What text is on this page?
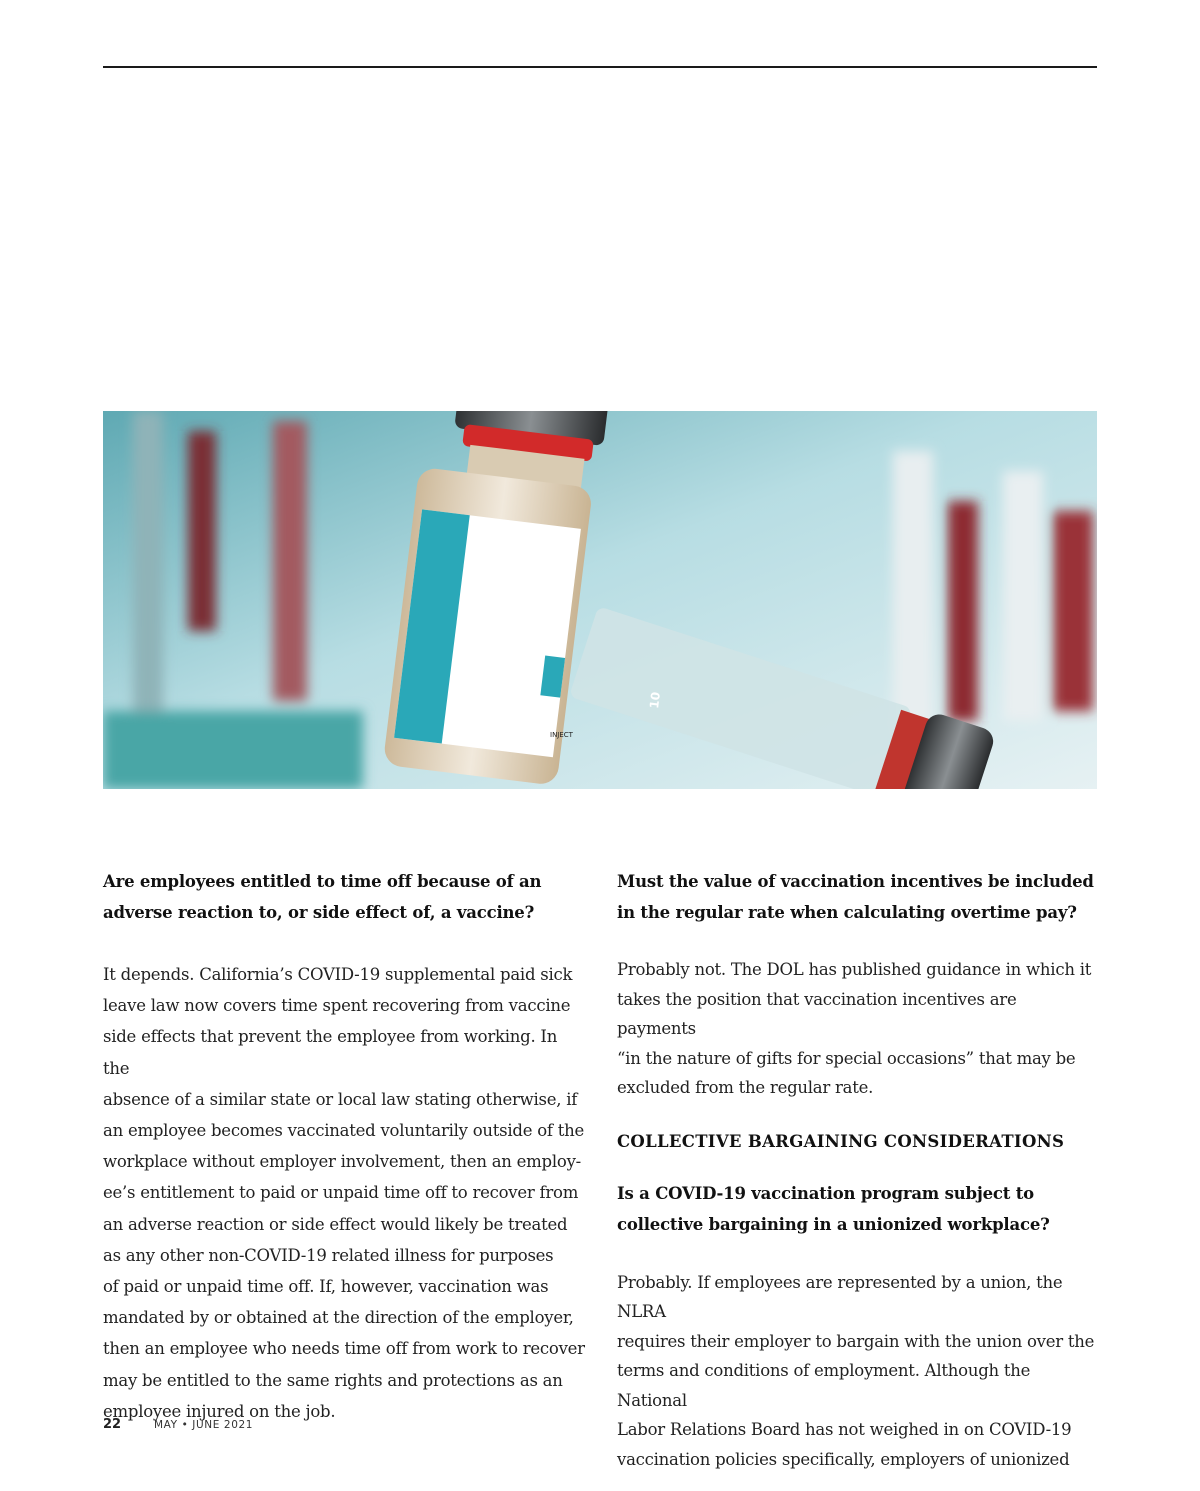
10
INJECT

Are employees entitled to time off because of an adverse reaction to, or side effect of, a vaccine?

It depends. California’s COVID-19 supplemental paid sick

leave law now covers time spent recovering from vaccine

side effects that prevent the employee from working. In the

absence of a similar state or local law stating otherwise, if

an employee becomes vaccinated voluntarily outside of the

workplace without employer involvement, then an employ-

ee’s entitlement to paid or unpaid time off to recover from

an adverse reaction or side effect would likely be treated

as any other non-COVID-19 related illness for purposes

of paid or unpaid time off. If, however, vaccination was

mandated by or obtained at the direction of the employer,

then an employee who needs time off from work to recover

may be entitled to the same rights and protections as an

employee injured on the job.

Must the value of vaccination incentives be included in the regular rate when calculating overtime pay?

Probably not. The DOL has published guidance in which it

takes the position that vaccination incentives are payments

“in the nature of gifts for special occasions” that may be

excluded from the regular rate.

COLLECTIVE BARGAINING CONSIDERATIONS

Is a COVID-19 vaccination program subject to collective bargaining in a unionized workplace?

Probably. If employees are represented by a union, the NLRA

requires their employer to bargain with the union over the

terms and conditions of employment. Although the National

Labor Relations Board has not weighed in on COVID-19

vaccination policies specifically, employers of unionized

22	MAY • JUNE 2021
